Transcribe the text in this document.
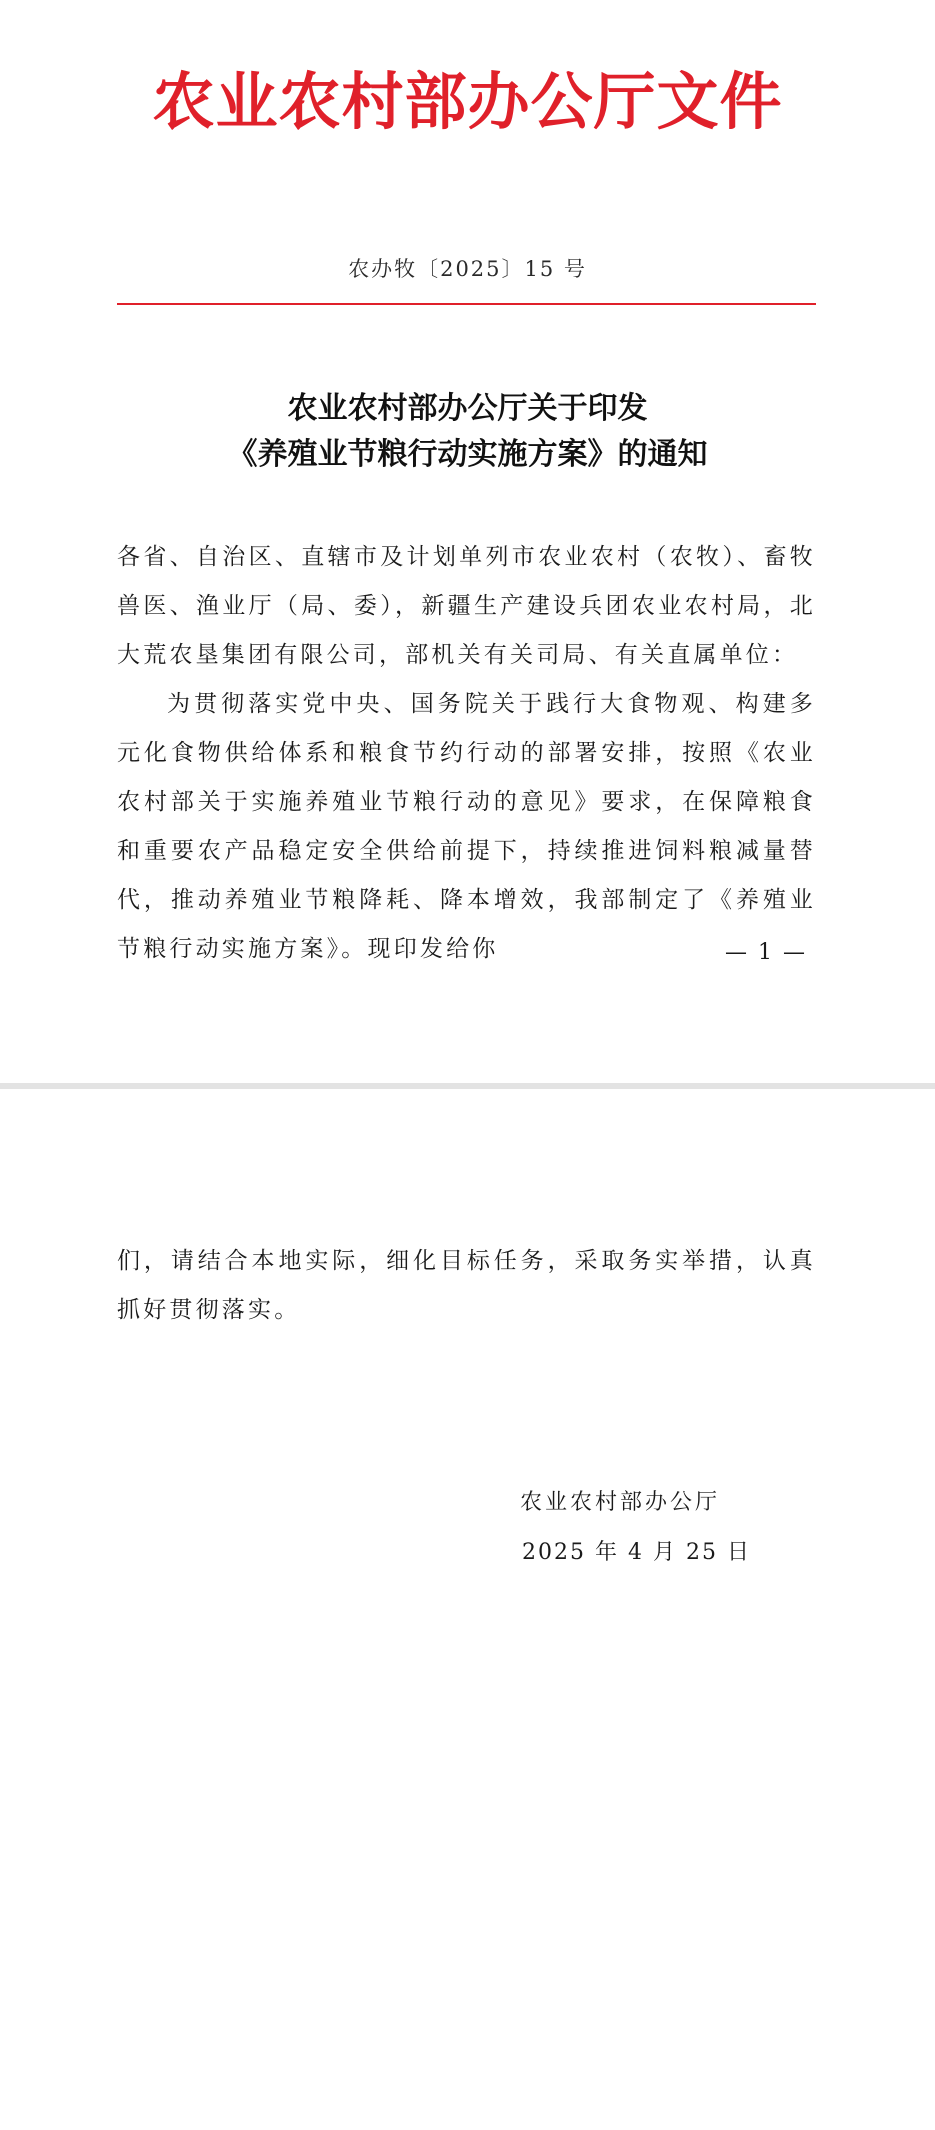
农业农村部办公厅文件
农办牧〔2025〕15 号
农业农村部办公厅关于印发
《养殖业节粮行动实施方案》的通知
各省、自治区、直辖市及计划单列市农业农村（农牧）、畜牧兽医、渔业厅（局、委），新疆生产建设兵团农业农村局，北大荒农垦集团有限公司，部机关有关司局、有关直属单位：
为贯彻落实党中央、国务院关于践行大食物观、构建多元化食物供给体系和粮食节约行动的部署安排，按照《农业农村部关于实施养殖业节粮行动的意见》要求，在保障粮食和重要农产品稳定安全供给前提下，持续推进饲料粮减量替代，推动养殖业节粮降耗、降本增效，我部制定了《养殖业节粮行动实施方案》。现印发给你	— 1 —
们，请结合本地实际，细化目标任务，采取务实举措，认真抓好贯彻落实。
农业农村部办公厅
2025 年 4 月 25 日
